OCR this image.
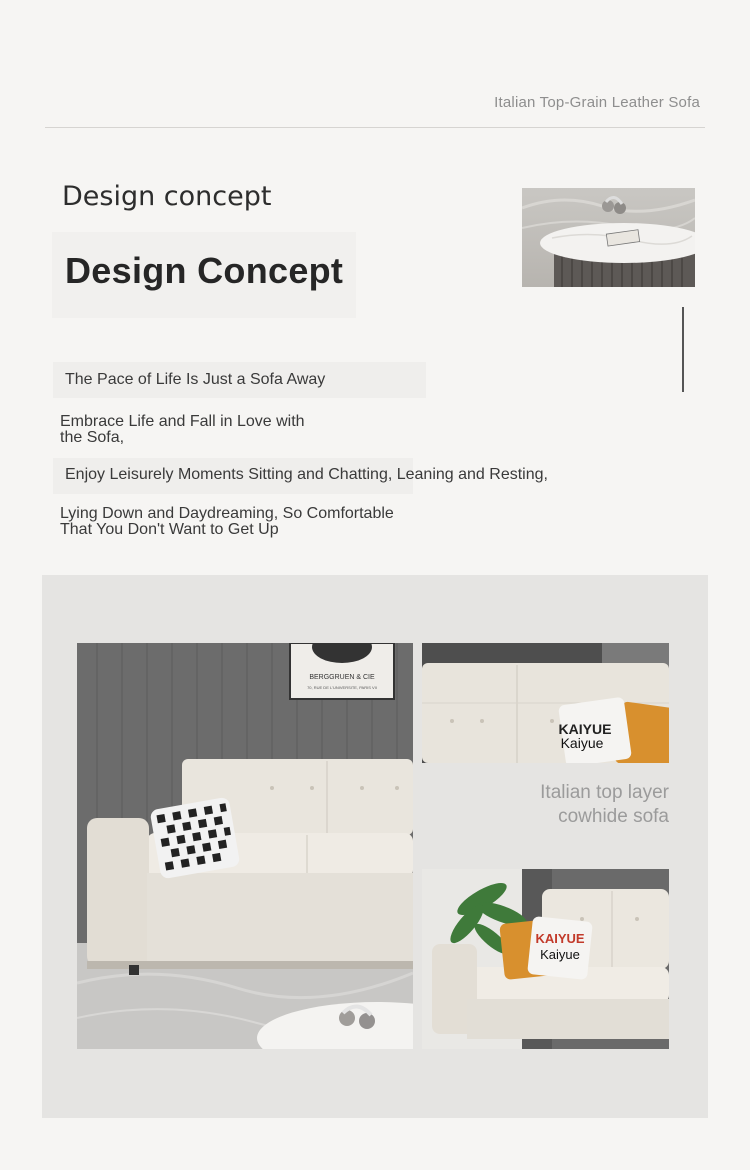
Italian Top-Grain Leather Sofa
Design concept
Design Concept
The Pace of Life Is Just a Sofa Away
Embrace Life and Fall in Love with
the Sofa,
Enjoy Leisurely Moments Sitting and Chatting, Leaning and Resting,
Lying Down and Daydreaming, So Comfortable
That You Don't Want to Get Up
BERGGRUEN & CIE
70, RUE DE L'UNIVERSITE, PARIS VII
KAIYUE
Kaiyue
Italian top layer
cowhide sofa
KAIYUE
Kaiyue
